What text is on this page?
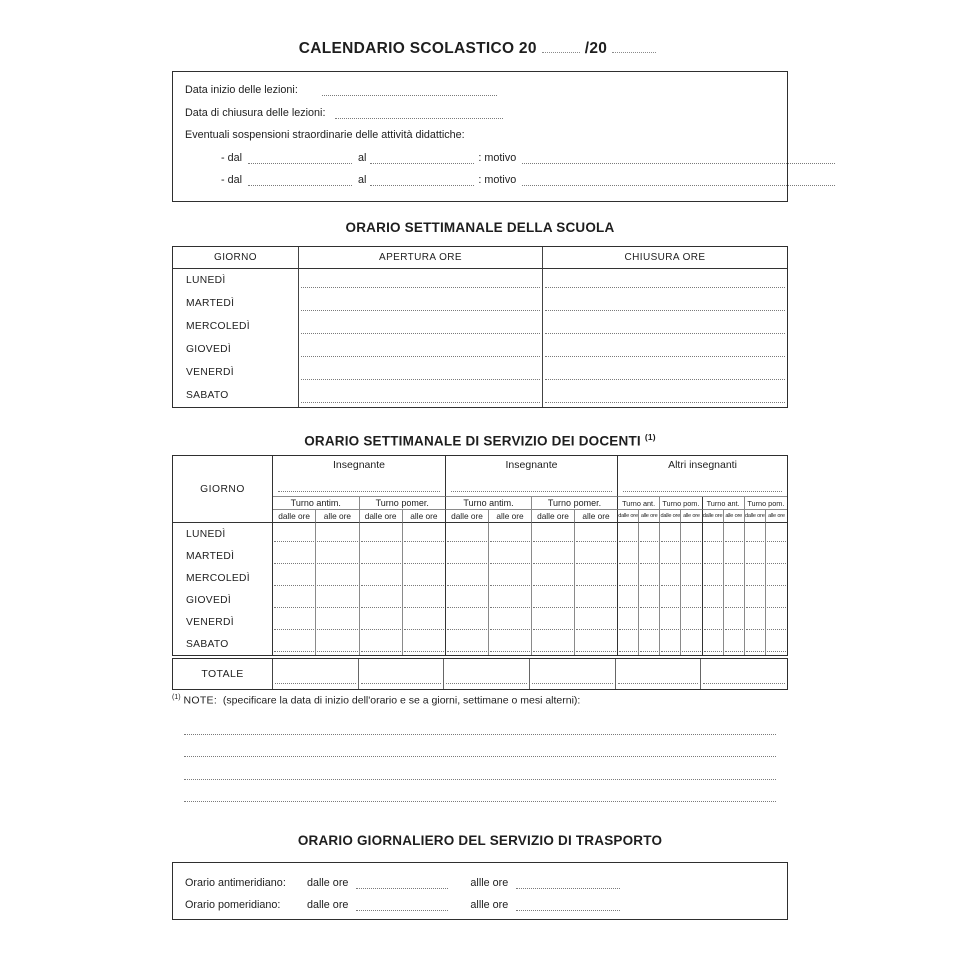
CALENDARIO SCOLASTICO 20	/20
Data inizio delle lezioni:
Data di chiusura delle lezioni:
Eventuali sospensioni straordinarie delle attività didattiche:
- dal	al	: motivo
- dal	al	: motivo
ORARIO SETTIMANALE DELLA SCUOLA
GIORNO	APERTURA ORE	CHIUSURA ORE
LUNEDÌ
MARTEDÌ
MERCOLEDÌ
GIOVEDÌ
VENERDÌ
SABATO
ORARIO SETTIMANALE DI SERVIZIO DEI DOCENTI $^{(1)}$
GIORNO
Insegnante	Insegnante	Altri insegnanti
Turno antim.	Turno pomer.	Turno antim.	Turno pomer.	Turno ant. Turno pom. Turno ant.	Turno pom.
dalle ore	alle ore	dalle ore	alle ore	dalle ore	alle ore	dalle ore	alle ore	dalle ore alle ore dalle ore alle ore dalle ore alle ore dalle ore alle ore
LUNEDÌ
MARTEDÌ
MERCOLEDÌ
GIOVEDÌ
VENERDÌ
SABATO
TOTALE
$^{(1)}$ NOTE: (specificare la data di inizio dell'orario e se a giorni, settimane o mesi alterni):
ORARIO GIORNALIERO DEL SERVIZIO DI TRASPORTO
Orario antimeridiano:	dalle ore	allle ore
Orario pomeridiano:	dalle ore	allle ore
